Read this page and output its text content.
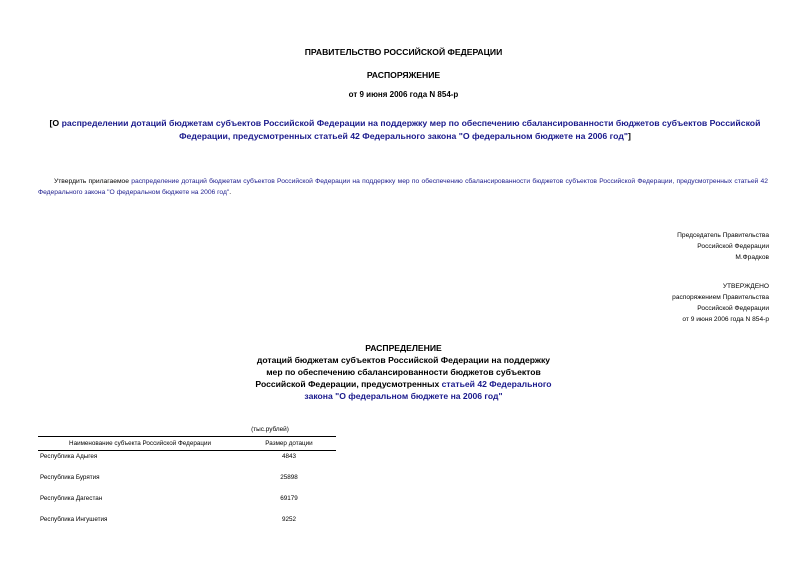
ПРАВИТЕЛЬСТВО РОССИЙСКОЙ ФЕДЕРАЦИИ
РАСПОРЯЖЕНИЕ
от 9 июня 2006 года N 854-р
[О распределении дотаций бюджетам субъектов Российской Федерации на поддержку мер по обеспечению сбалансированности бюджетов субъектов Российской Федерации, предусмотренных статьей 42 Федерального закона "О федеральном бюджете на 2006 год"]
Утвердить прилагаемое распределение дотаций бюджетам субъектов Российской Федерации на поддержку мер по обеспечению сбалансированности бюджетов субъектов Российской Федерации, предусмотренных статьей 42 Федерального закона "О федеральном бюджете на 2006 год".
Председатель Правительства
Российской Федерации
М.Фрадков
УТВЕРЖДЕНО
распоряжением Правительства
Российской Федерации
от 9 июня 2006 года N 854-р
РАСПРЕДЕЛЕНИЕ
дотаций бюджетам субъектов Российской Федерации на поддержку
мер по обеспечению сбалансированности бюджетов субъектов
Российской Федерации, предусмотренных статьей 42 Федерального
закона "О федеральном бюджете на 2006 год"
(тыс.рублей)
Наименование субъекта Российской Федерации	Размер дотации
Республика Адыгея	4843
Республика Бурятия	25898
Республика Дагестан	69179
Республика Ингушетия	9252
